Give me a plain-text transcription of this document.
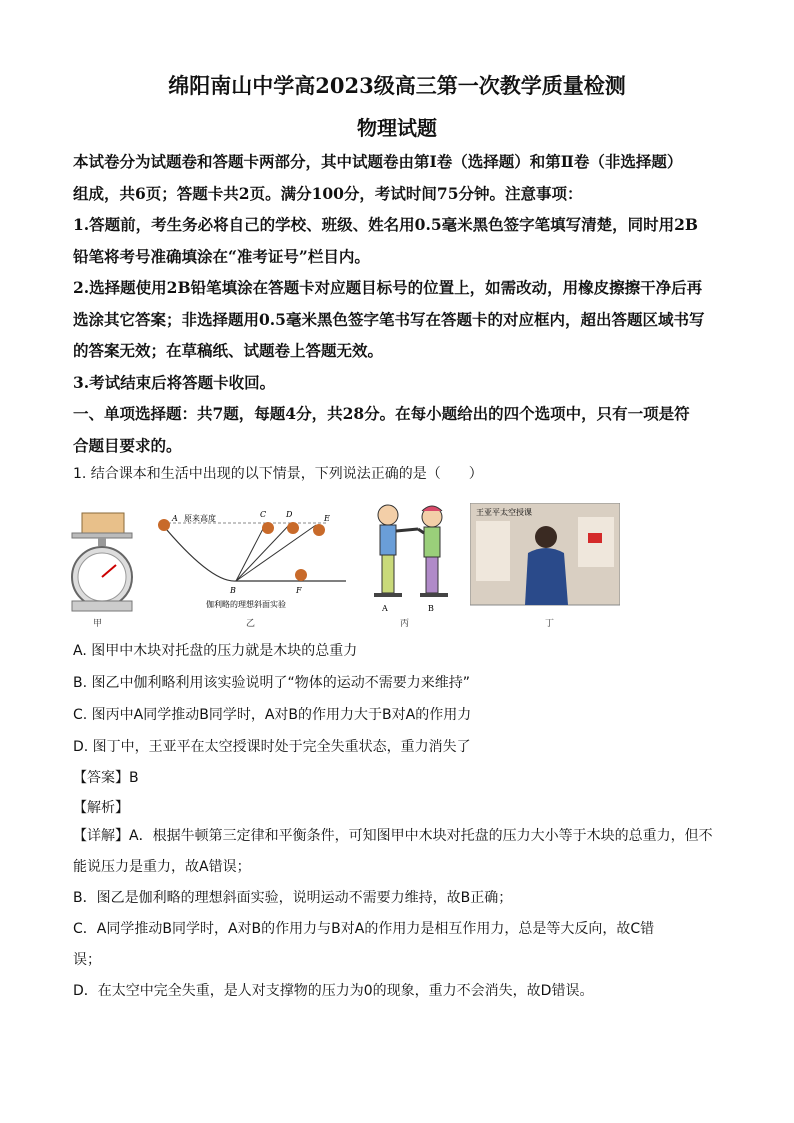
绵阳南山中学高2023级高三第一次教学质量检测
物理试题

本试卷分为试题卷和答题卡两部分，其中试题卷由第Ⅰ卷（选择题）和第Ⅱ卷（非选择题）

组成，共6页；答题卡共2页。满分100分，考试时间75分钟。注意事项：

1.答题前，考生务必将自己的学校、班级、姓名用0.5毫米黑色签字笔填写清楚，同时用2B

铅笔将考号准确填涂在“准考证号”栏目内。

2.选择题使用2B铅笔填涂在答题卡对应题目标号的位置上，如需改动，用橡皮擦擦干净后再

选涂其它答案；非选择题用0.5毫米黑色签字笔书写在答题卡的对应框内，超出答题区域书写

的答案无效；在草稿纸、试题卷上答题无效。

3.考试结束后将答题卡收回。

一、单项选择题：共7题，每题4分，共28分。在每小题给出的四个选项中，只有一项是符

合题目要求的。

1. 结合课本和生活中出现的以下情景，下列说法正确的是（　　）
甲
A 原来高度
B
C D	E
F
伽利略的理想斜面实验
乙
A	B
丙
王亚平太空授课
丁
A. 图甲中木块对托盘的压力就是木块的总重力
B. 图乙中伽利略利用该实验说明了“物体的运动不需要力来维持”
C. 图丙中A同学推动B同学时，A对B的作用力大于B对A的作用力
D. 图丁中，王亚平在太空授课时处于完全失重状态，重力消失了
【答案】B
【解析】

【详解】A．根据牛顿第三定律和平衡条件，可知图甲中木块对托盘的压力大小等于木块的总重力，但不

能说压力是重力，故A错误；

B．图乙是伽利略的理想斜面实验，说明运动不需要力维持，故B正确；

C．A同学推动B同学时，A对B的作用力与B对A的作用力是相互作用力，总是等大反向，故C错

误；

D．在太空中完全失重，是人对支撑物的压力为0的现象，重力不会消失，故D错误。
